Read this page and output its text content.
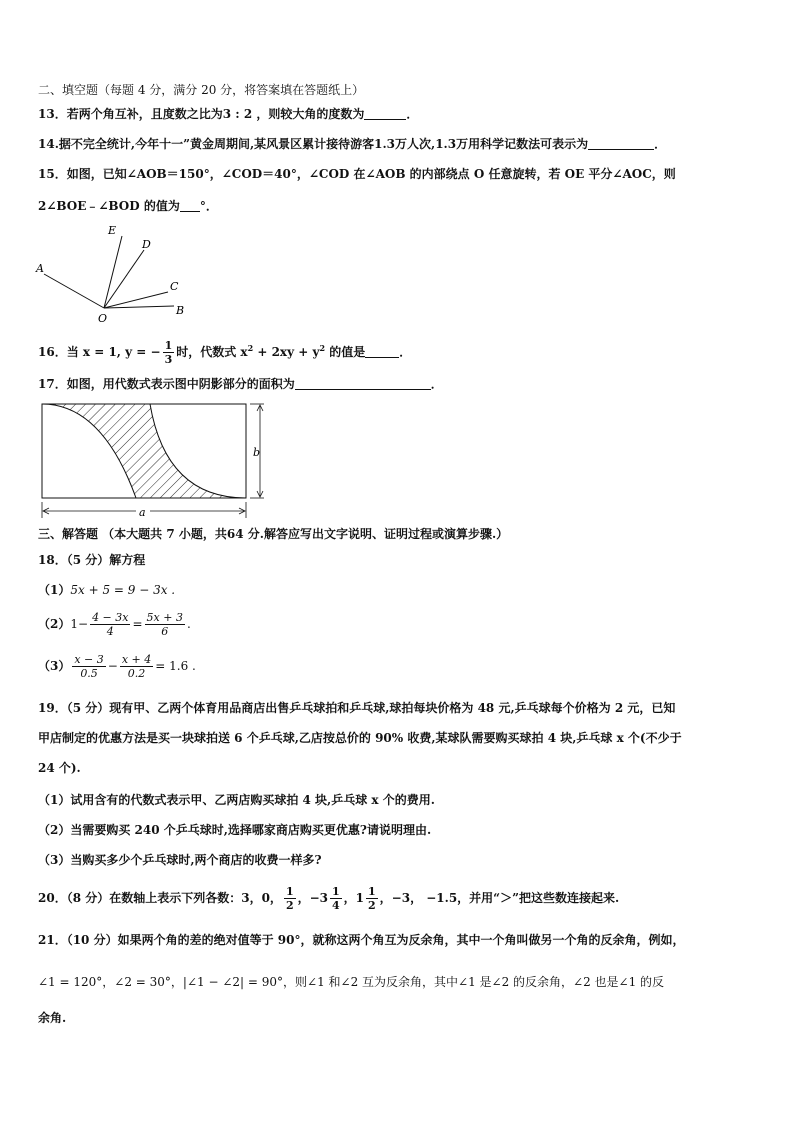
二、填空题（每题 4 分，满分 20 分，将答案填在答题纸上）
13．若两个角互补，且度数之比为3 : 2 ，则较大角的度数为	．
14.据不完全统计,今年十一”黄金周期间,某风景区累计接待游客1.3万人次,1.3万用科学记数法可表示为	．
15．如图，已知∠AOB＝150°，∠COD＝40°，∠COD 在∠AOB 的内部绕点 O 任意旋转，若 OE 平分∠AOC，则
2∠BOE﹣∠BOD 的值为 °．
A
E
D
C
B
O
16．当 x = 1, y = − $\frac{1}{3}$ 时，代数式 $x^2 + 2xy + y^2$ 的值是	．
17．如图，用代数式表示图中阴影部分的面积为	．
b
a
三、解答题 （本大题共 7 小题，共64 分.解答应写出文字说明、证明过程或演算步骤.）
18．（5 分）解方程
（1）5x + 5 = 9 − 3x .
$(2)1- \frac{4 - 3x}{4} = \frac{5x + 3}{6}$ .
$(3) \frac{x - 3}{0.5} - \frac{x + 4}{0.2} = 1.6$ .
19．（5 分）现有甲、乙两个体育用品商店出售乒乓球拍和乒乓球,球拍每块价格为 48 元,乒乓球每个价格为 2 元，已知
甲店制定的优惠方法是买一块球拍送 6 个乒乓球,乙店按总价的 90% 收费,某球队需要购买球拍 4 块,乒乓球 x 个(不少于
24 个).
（1）试用含有的代数式表示甲、乙两店购买球拍 4 块,乒乓球 x 个的费用.
（2）当需要购买 240 个乒乓球时,选择哪家商店购买更优惠?请说明理由.
（3）当购买多少个乒乓球时,两个商店的收费一样多?
20．（8 分）在数轴上表示下列各数：3，0， $\frac{1}{2}$ ，$-3 \frac{1}{4}$ ，$1 \frac{1}{2}$ ，−3， −1.5，并用“＞”把这些数连接起来.
21．（10 分）如果两个角的差的绝对值等于 90°，就称这两个角互为反余角，其中一个角叫做另一个角的反余角，例如，
∠1 = 120°，∠2 = 30°，|∠1 − ∠2| = 90°，则∠1 和∠2 互为反余角，其中∠1 是∠2 的反余角，∠2 也是∠1 的反
余角.
